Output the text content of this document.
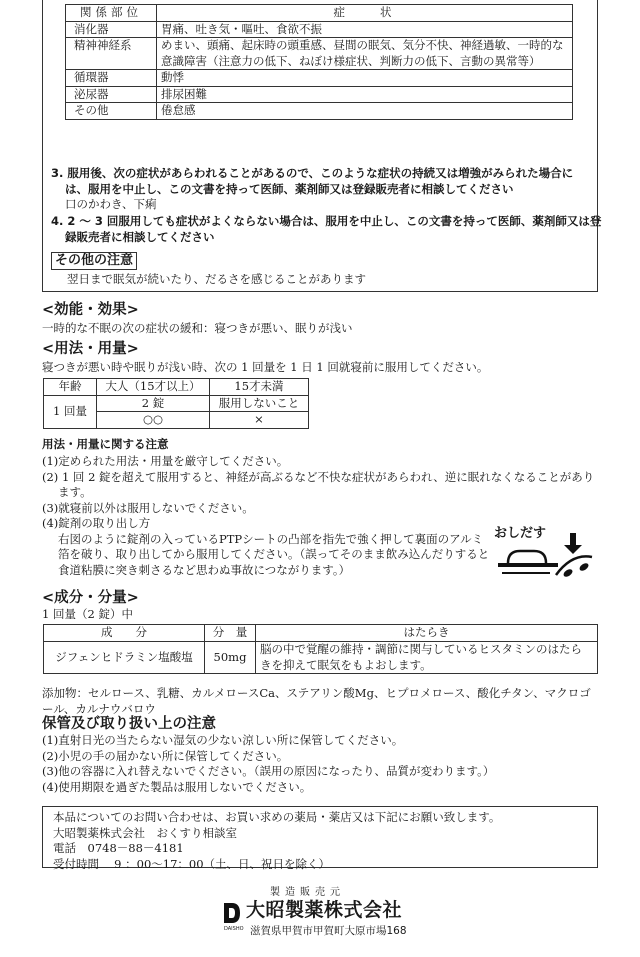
関係部位	症　　状
消化器	胃痛、吐き気・嘔吐、食欲不振
精神神経系	めまい、頭痛、起床時の頭重感、昼間の眠気、気分不快、神経過敏、一時的な意識障害（注意力の低下、ねぼけ様症状、判断力の低下、言動の異常等）
循環器	動悸
泌尿器	排尿困難
その他	倦怠感
3. 服用後、次の症状があらわれることがあるので、このような症状の持続又は増強がみられた場合には、服用を中止し、この文書を持って医師、薬剤師又は登録販売者に相談してください
口のかわき、下痢
4. 2 ～ 3 回服用しても症状がよくならない場合は、服用を中止し、この文書を持って医師、薬剤師又は登録販売者に相談してください
その他の注意
翌日まで眠気が続いたり、だるさを感じることがあります
<効能・効果>
一時的な不眠の次の症状の緩和：寝つきが悪い、眠りが浅い
<用法・用量>
寝つきが悪い時や眠りが浅い時、次の 1 回量を 1 日 1 回就寝前に服用してください。
年齢	大人（15才以上）	15才未満
1 回量	2 錠	服用しないこと
	○○	×
用法・用量に関する注意
(1)定められた用法・用量を厳守してください。
(2) 1 回 2 錠を超えて服用すると、神経が高ぶるなど不快な症状があらわれ、逆に眠れなくなることがあります。
(3)就寝前以外は服用しないでください。
(4)錠剤の取り出し方
右図のように錠剤の入っているPTPシートの凸部を指先で強く押して裏面のアルミ箔を破り、取り出してから服用してください。（誤ってそのまま飲み込んだりすると食道粘膜に突き刺さるなど思わぬ事故につながります。）
おしだす
<成分・分量>
1 回量（2 錠）中
成　　分	分　量	はたらき
ジフェンヒドラミン塩酸塩	50mg	脳の中で覚醒の維持・調節に関与しているヒスタミンのはたらきを抑えて眠気をもよおします。
添加物：セルロース、乳糖、カルメロースCa、ステアリン酸Mg、ヒプロメロース、酸化チタン、マクロゴール、カルナウバロウ
保管及び取り扱い上の注意
(1)直射日光の当たらない湿気の少ない涼しい所に保管してください。
(2)小児の手の届かない所に保管してください。
(3)他の容器に入れ替えないでください。（誤用の原因になったり、品質が変わります。）
(4)使用期限を過ぎた製品は服用しないでください。
本品についてのお問い合わせは、お買い求めの薬局・薬店又は下記にお願い致します。
大昭製薬株式会社　おくすり相談室
電話　0748－88－4181
受付時間　 9 ：00～17：00（土、日、祝日を除く）
製造販売元
DAISHO
大昭製薬株式会社
滋賀県甲賀市甲賀町大原市場168
